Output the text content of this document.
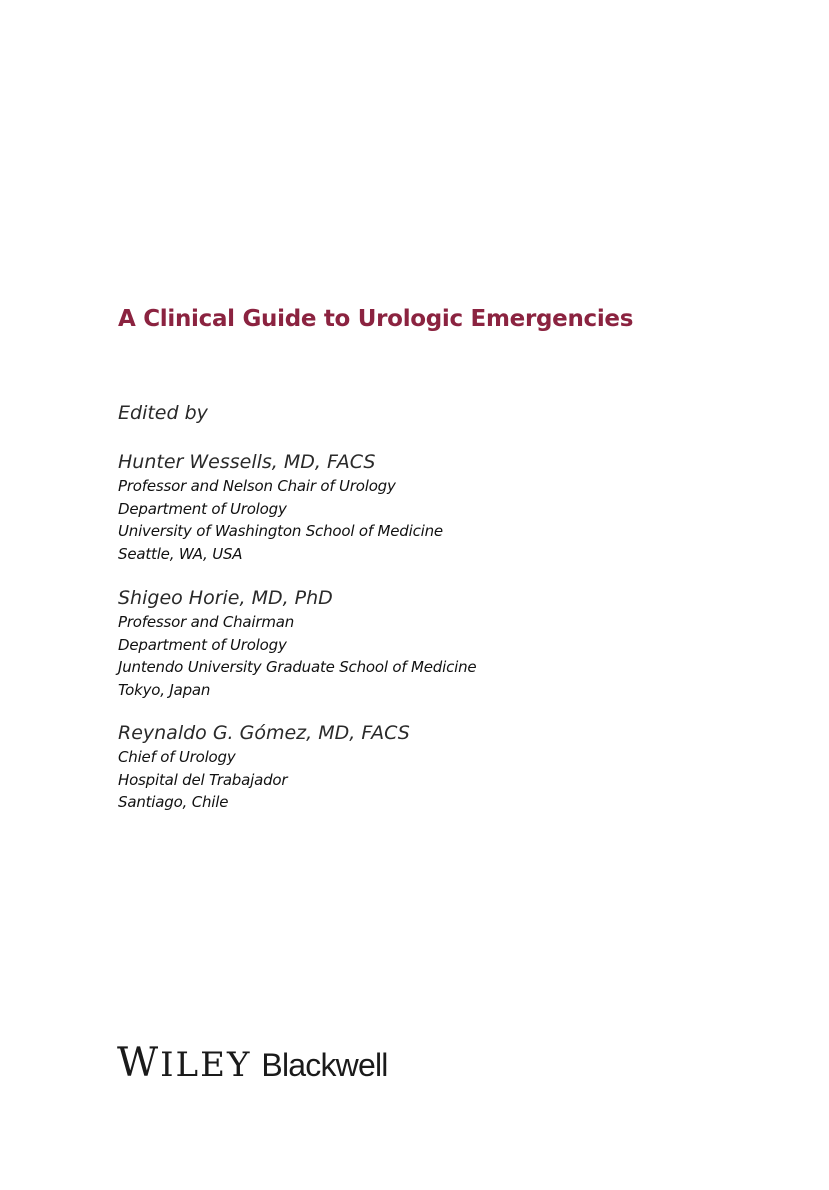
A Clinical Guide to Urologic Emergencies
Edited by
Hunter Wessells, MD, FACS
Professor and Nelson Chair of Urology
Department of Urology
University of Washington School of Medicine
Seattle, WA, USA
Shigeo Horie, MD, PhD
Professor and Chairman
Department of Urology
Juntendo University Graduate School of Medicine
Tokyo, Japan
Reynaldo G. Gómez, MD, FACS
Chief of Urology
Hospital del Trabajador
Santiago, Chile
WILEY Blackwell
